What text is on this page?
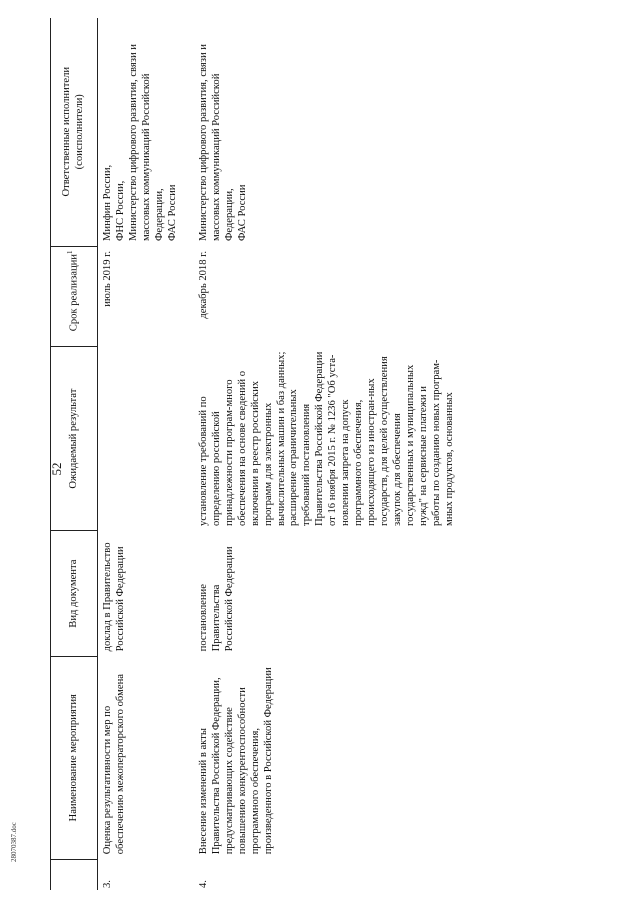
52
28070387.doc
	Наименование мероприятия	Вид документа	Ожидаемый результат	Срок реализации$^1$	Ответственные исполнители
(соисполнители)
3.	Оценка результативности мер по обеспечению межоператорского обмена	доклад в Правительство Российской Федерации		июль 2019 г.	Минфин России,
ФНС России,
Министерство цифрового развития, связи и массовых коммуникаций Российской Федерации,
ФАС России
4.	Внесение изменений в акты Правительства Российской Федерации, предусматривающих содействие повышению конкурентоспособности программного обеспечения, произведенного в Российской Федерации	постановление Правительства Российской Федерации	установление требований по определению российской принадлежности програм-много обеспечения на основе сведений о включении в реестр российских программ для электронных вычислительных машин и баз данных;
расширение ограничительных требований постановления Правительства Российской Федерации от 16 ноября 2015 г. № 1236 "Об уста-новлении запрета на допуск программного обеспечения, происходящего из иностран-ных государств, для целей осуществления закупок для обеспечения государственных и муниципальных нужд" на сервисные платежи и работы по созданию новых програм-мных продуктов, основанных	декабрь 2018 г.	Министерство цифрового развития, связи и массовых коммуникаций Российской Федерации,
ФАС России
